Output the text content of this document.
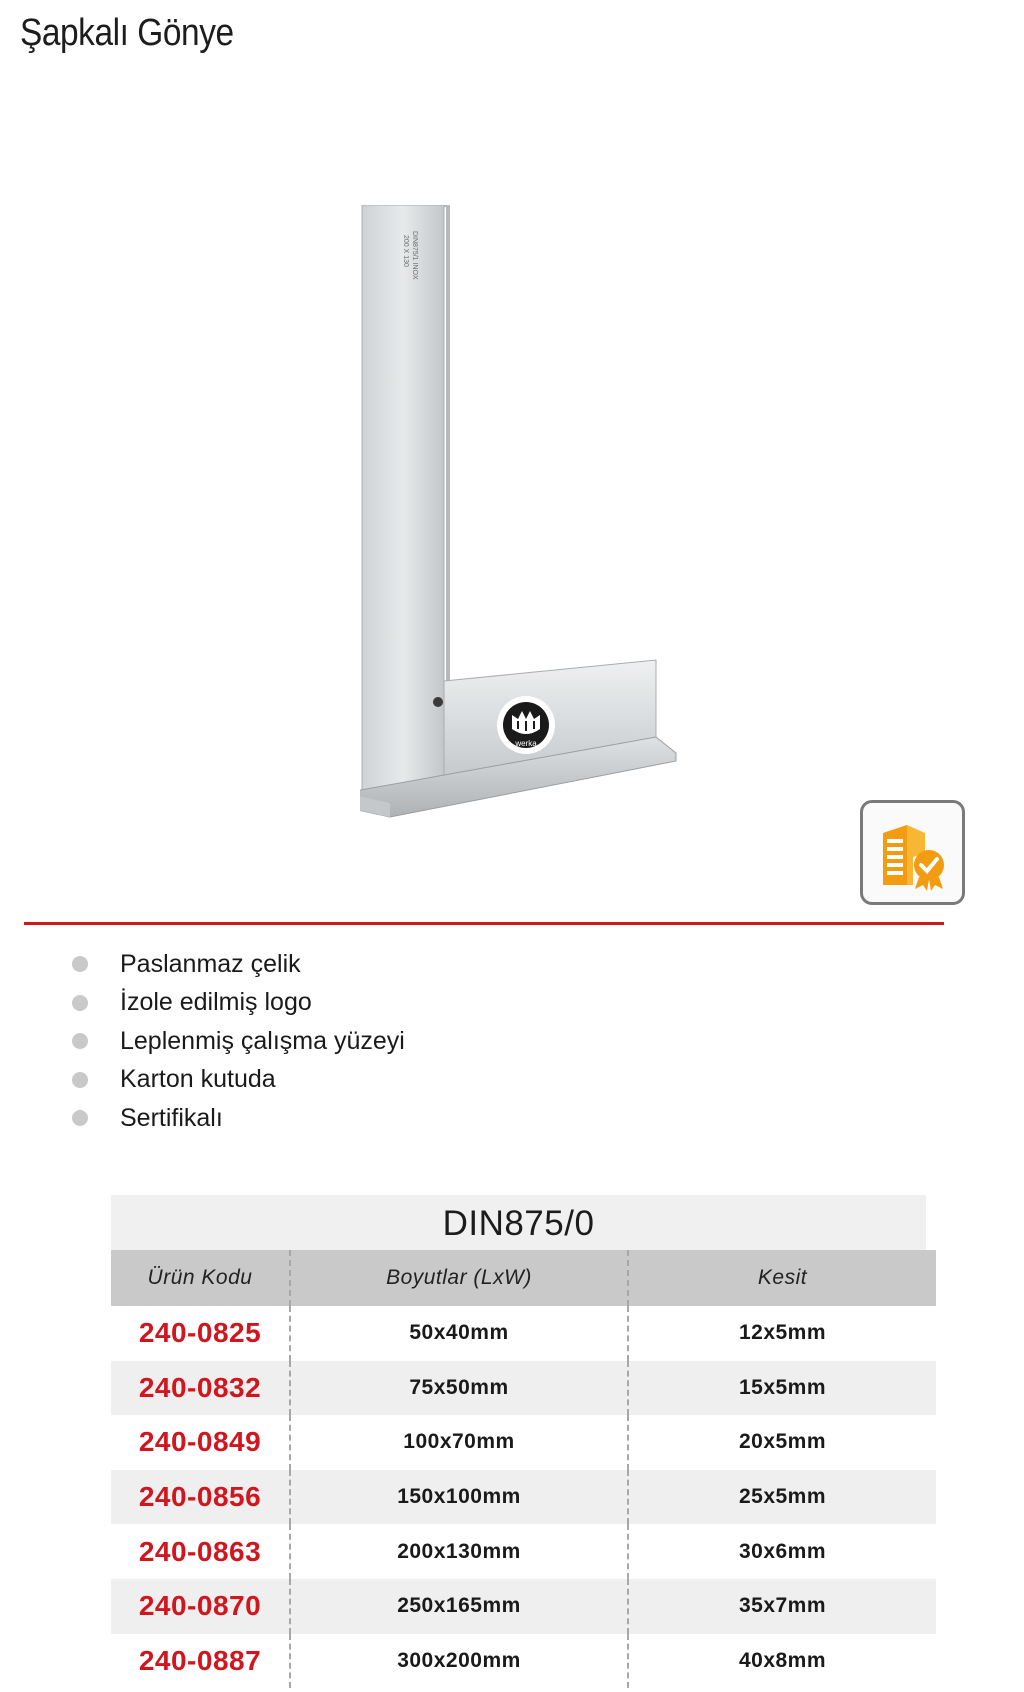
Şapkalı Gönye
200 X 130 DIN875/1 INOX
werka
Paslanmaz çelik
İzole edilmiş logo
Leplenmiş çalışma yüzeyi
Karton kutuda
Sertifikalı
DIN875/0
Ürün Kodu	Boyutlar (LxW)	Kesit
240-0825	50x40mm	12x5mm
240-0832	75x50mm	15x5mm
240-0849	100x70mm	20x5mm
240-0856	150x100mm	25x5mm
240-0863	200x130mm	30x6mm
240-0870	250x165mm	35x7mm
240-0887	300x200mm	40x8mm
